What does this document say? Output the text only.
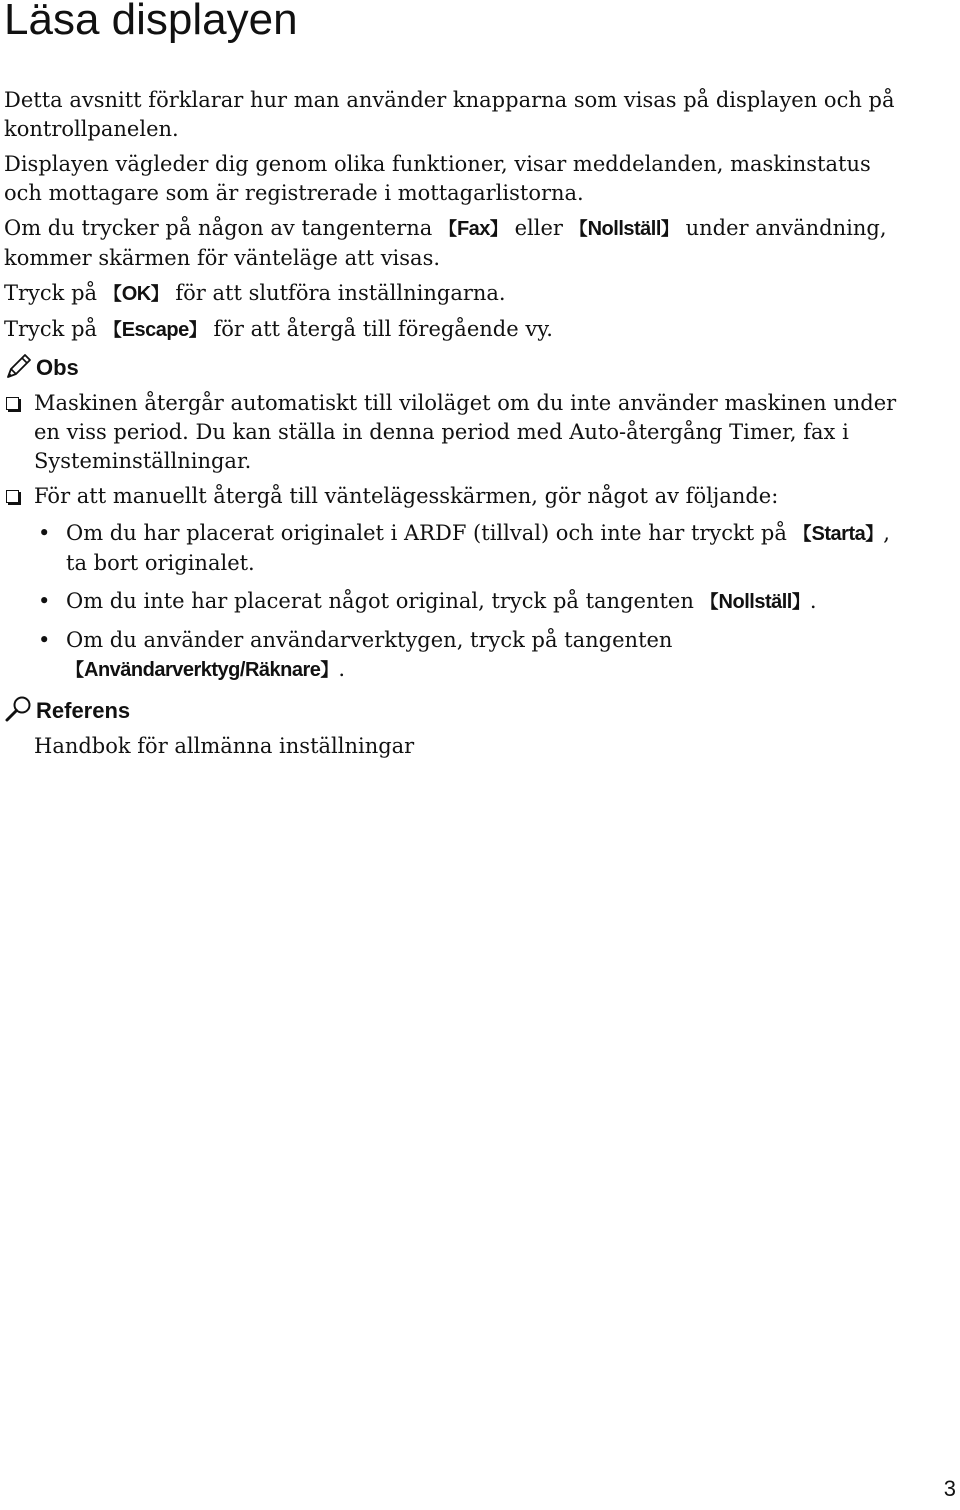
Läsa displayen

Detta avsnitt förklarar hur man använder knapparna som visas på displayen och på kontrollpanelen.

Displayen vägleder dig genom olika funktioner, visar meddelanden, maskinstatus och mottagare som är registrerade i mottagarlistorna.

Om du trycker på någon av tangenterna 【Fax】 eller 【Nollställ】 under användning, kommer skärmen för vänteläge att visas.

Tryck på 【OK】 för att slutföra inställningarna.

Tryck på 【Escape】 för att återgå till föregående vy.

Obs
Maskinen återgår automatiskt till viloläget om du inte använder maskinen under en viss period. Du kan ställa in denna period med Auto-återgång Timer, fax i Systeminställningar.
För att manuellt återgå till väntelägesskärmen, gör något av följande:
• Om du har placerat originalet i ARDF (tillval) och inte har tryckt på 【Starta】, ta bort originalet.
• Om du inte har placerat något original, tryck på tangenten 【Nollställ】.
• Om du använder användarverktygen, tryck på tangenten 【Användarverktyg/Räknare】.
Referens

Handbok för allmänna inställningar

3
